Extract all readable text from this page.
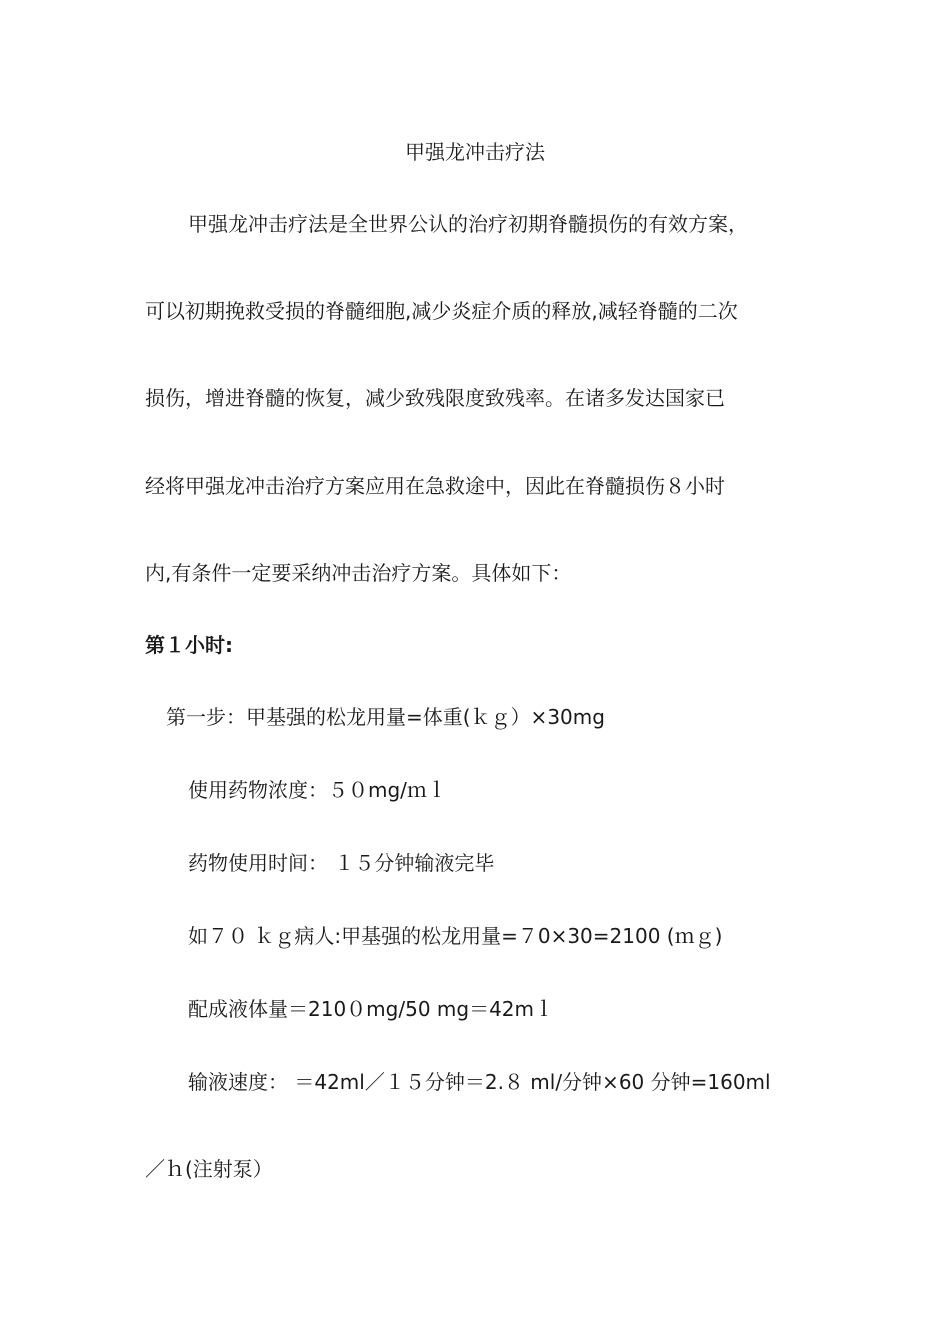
甲强龙冲击疗法
甲强龙冲击疗法是全世界公认的治疗初期脊髓损伤的有效方案，
可以初期挽救受损的脊髓细胞,减少炎症介质的释放,减轻脊髓的二次
损伤，增进脊髓的恢复，减少致残限度致残率。在诸多发达国家已
经将甲强龙冲击治疗方案应用在急救途中，因此在脊髓损伤８小时
内,有条件一定要采纳冲击治疗方案。具体如下：
第１小时:
第一步：甲基强的松龙用量=体重(ｋｇ）×30mg
使用药物浓度：５０mg/ｍｌ
药物使用时间： １５分钟输液完毕
如７０ ｋｇ病人:甲基强的松龙用量=７0×30=2100 (ｍｇ)
配成液体量＝210０mg/50 mg＝42mｌ
输液速度： ＝42ml／１５分钟＝2.８ ml/分钟×60 分钟=160ml
／ｈ(注射泵）
